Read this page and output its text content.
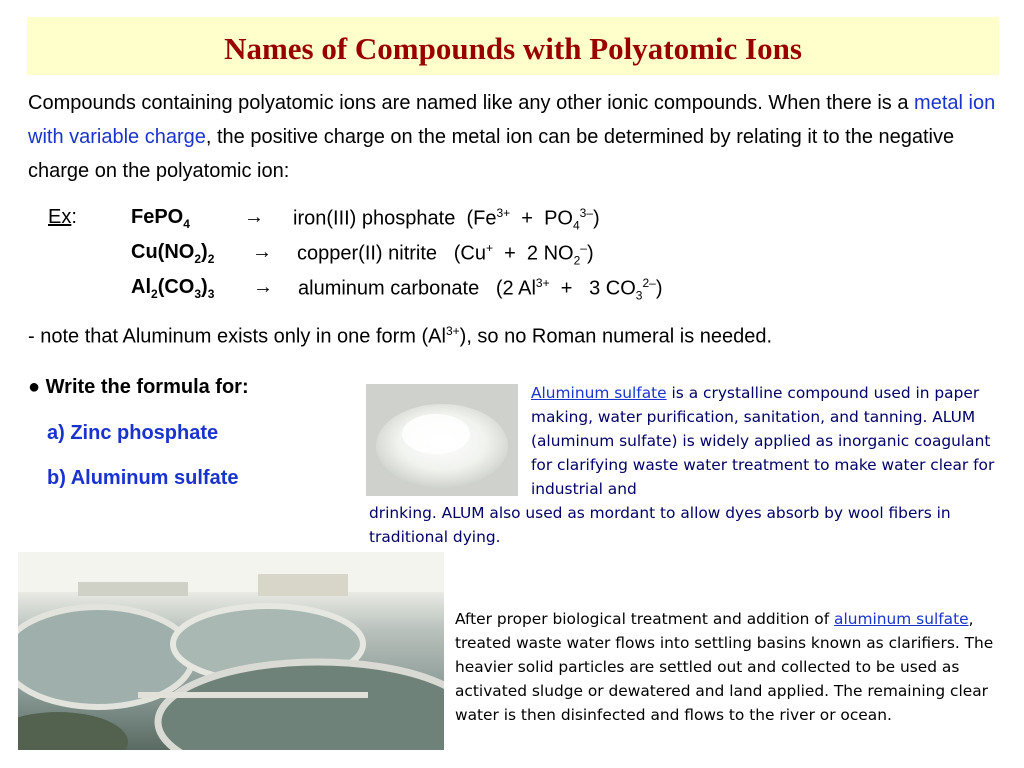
Names of Compounds with Polyatomic Ions
Compounds containing polyatomic ions are named like any other ionic compounds. When there is a metal ion with variable charge, the positive charge on the metal ion can be determined by relating it to the negative charge on the polyatomic ion:
Ex:	FePO$_4$	→ iron(III) phosphate $(Fe^{3+} + PO_4^{3-})$
$Cu(NO_2)_2$ → copper(II) nitrite (Cu+ + 2 $NO_2^-$)
$Al_2(CO_3)_3$ → aluminum carbonate (2 $Al^{3+} + 3$ $CO_3^{2-}$)
- note that Aluminum exists only in one form $(Al^{3+})$, so no Roman numeral is needed.
● Write the formula for:
a) Zinc phosphate
b) Aluminum sulfate
Aluminum sulfate is a crystalline compound used in paper making, water purification, sanitation, and tanning. ALUM (aluminum sulfate) is widely applied as inorganic coagulant for clarifying waste water treatment to make water clear for industrial and
drinking. ALUM also used as mordant to allow dyes absorb by wool fibers in traditional dying.
After proper biological treatment and addition of aluminum sulfate, treated waste water flows into settling basins known as clarifiers. The heavier solid particles are settled out and collected to be used as activated sludge or dewatered and land applied. The remaining clear water is then disinfected and flows to the river or ocean.
